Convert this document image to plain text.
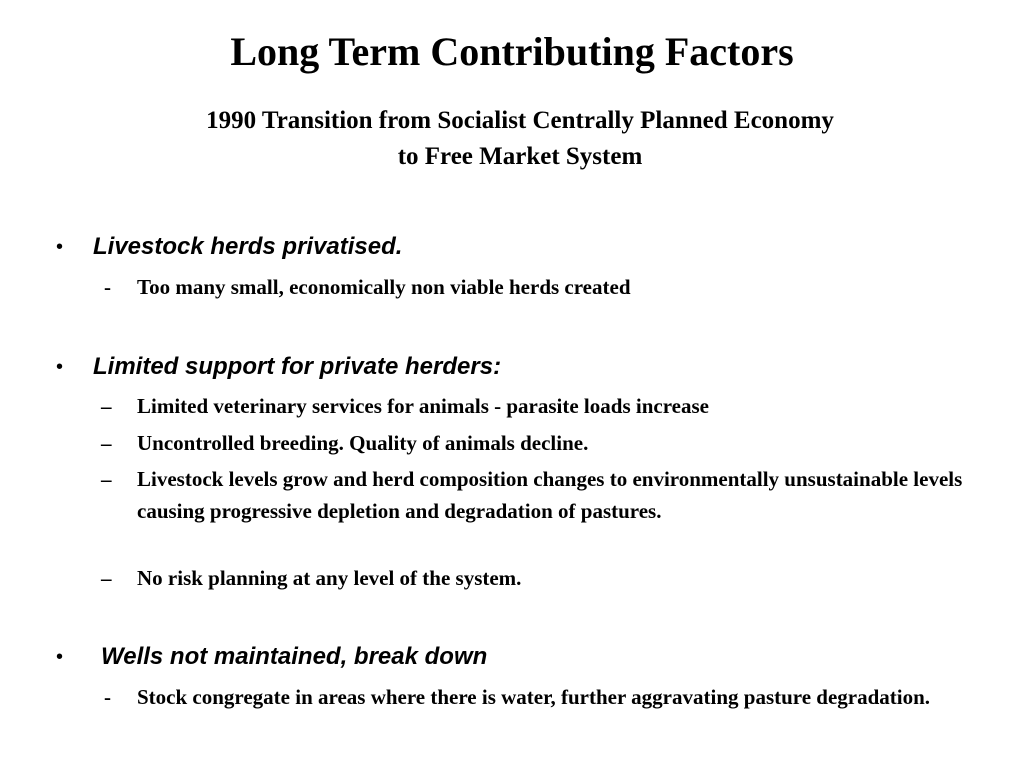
Long Term Contributing Factors
1990 Transition from Socialist Centrally Planned Economy
to Free Market System
• Livestock herds privatised.
- Too many small, economically non viable herds created

• Limited support for private herders:
– Limited veterinary services for animals - parasite loads increase

– Uncontrolled breeding. Quality of animals decline.

– Livestock levels grow and herd composition changes to environmentally unsustainable levels causing progressive depletion and degradation of pastures.

– No risk planning at any level of the system.

• Wells not maintained, break down
- Stock congregate in areas where there is water, further aggravating pasture degradation.
